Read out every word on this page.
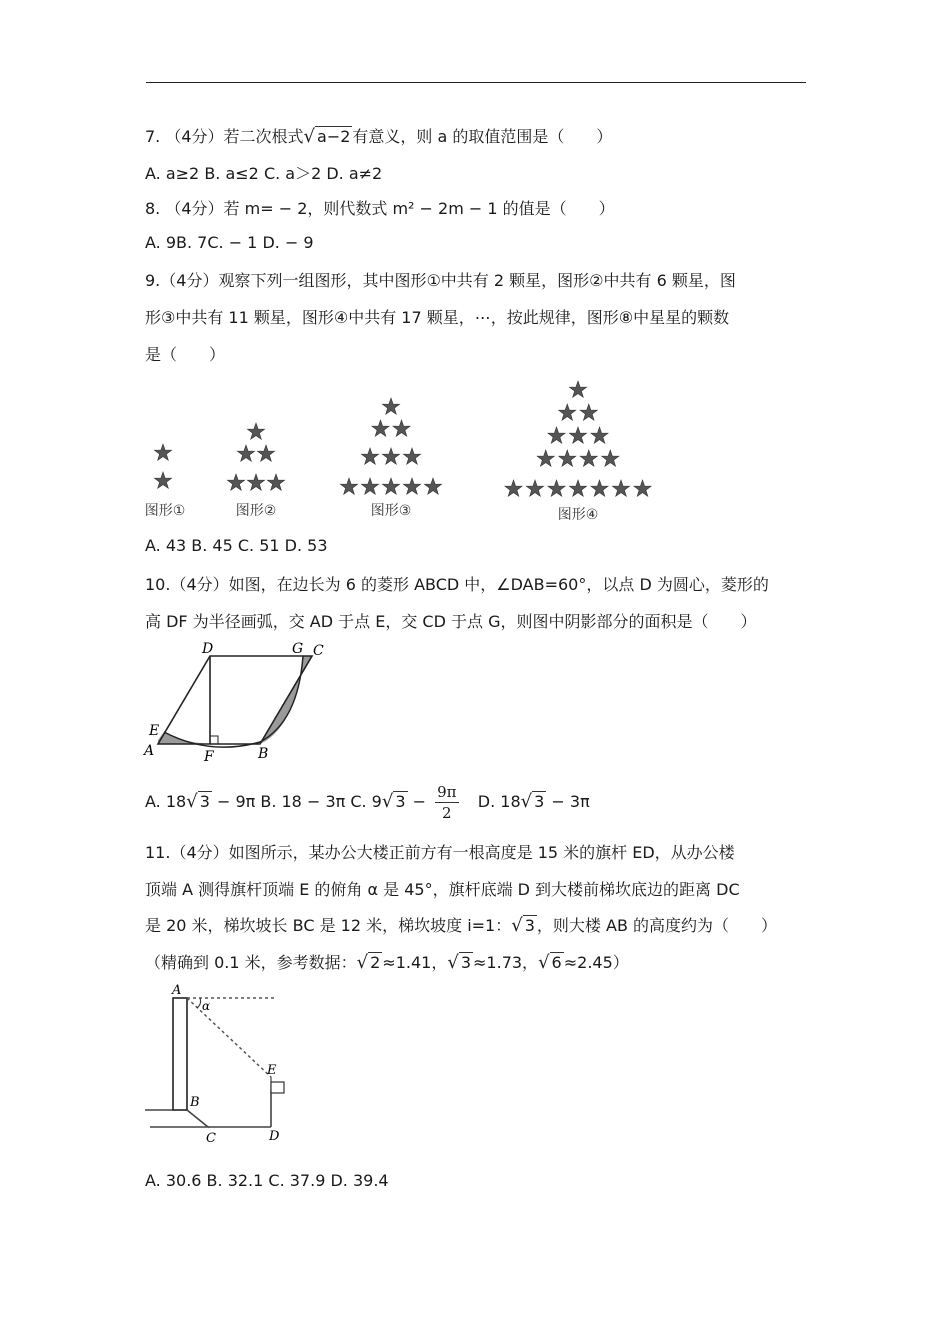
7. （4分）若二次根式√ a−2 有意义，则 a 的取值范围是（　　）
A. a≥2 B. a≤2 C. a＞2 D. a≠2
8. （4分）若 m= − 2，则代数式 m² − 2m − 1 的值是（　　）
A. 9B. 7C. − 1 D. − 9
9.（4分）观察下列一组图形，其中图形①中共有 2 颗星，图形②中共有 6 颗星，图
形③中共有 11 颗星，图形④中共有 17 颗星，⋯，按此规律，图形⑧中星星的颗数
是（　　）
图形①	图形②	图形③	图形④
A. 43 B. 45 C. 51 D. 53
10.（4分）如图，在边长为 6 的菱形 ABCD 中，∠DAB=60°，以点 D 为圆心，菱形的
高 DF 为半径画弧，交 AD 于点 E，交 CD 于点 G，则图中阴影部分的面积是（　　）
D	G C
E
A	F	B
A. 18√ 3 − 9π B. 18 − 3π C. 9√ $3 - \frac{9\pi}{2} D$. 18√ 3 − 3π
11.（4分）如图所示，某办公大楼正前方有一根高度是 15 米的旗杆 ED，从办公楼
顶端 A 测得旗杆顶端 E 的俯角 α 是 45°，旗杆底端 D 到大楼前梯坎底边的距离 DC
是 20 米，梯坎坡长 BC 是 12 米，梯坎坡度 i=1：√ 3 ，则大楼 AB 的高度约为（　　）
（精确到 0.1 米，参考数据：√ 2 ≈1.41，√ 3 ≈1.73，√ 6 ≈2.45）
A
α
E
B
C	D
A. 30.6 B. 32.1 C. 37.9 D. 39.4
